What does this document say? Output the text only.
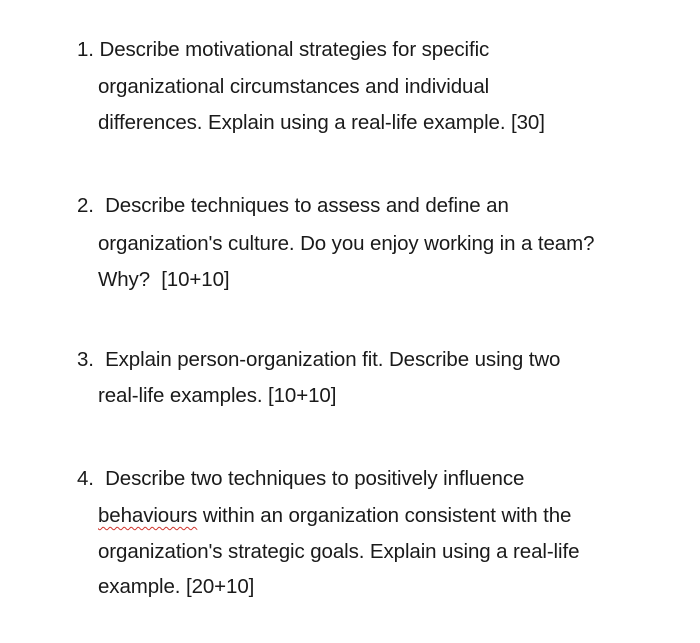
1. Describe motivational strategies for specific
organizational circumstances and individual
differences. Explain using a real-life example. [30]
2.  Describe techniques to assess and define an
organization's culture. Do you enjoy working in a team?
Why?  [10+10]
3.  Explain person-organization fit. Describe using two
real-life examples. [10+10]
4.  Describe two techniques to positively influence
behaviours within an organization consistent with the
organization's strategic goals. Explain using a real-life
example. [20+10]
